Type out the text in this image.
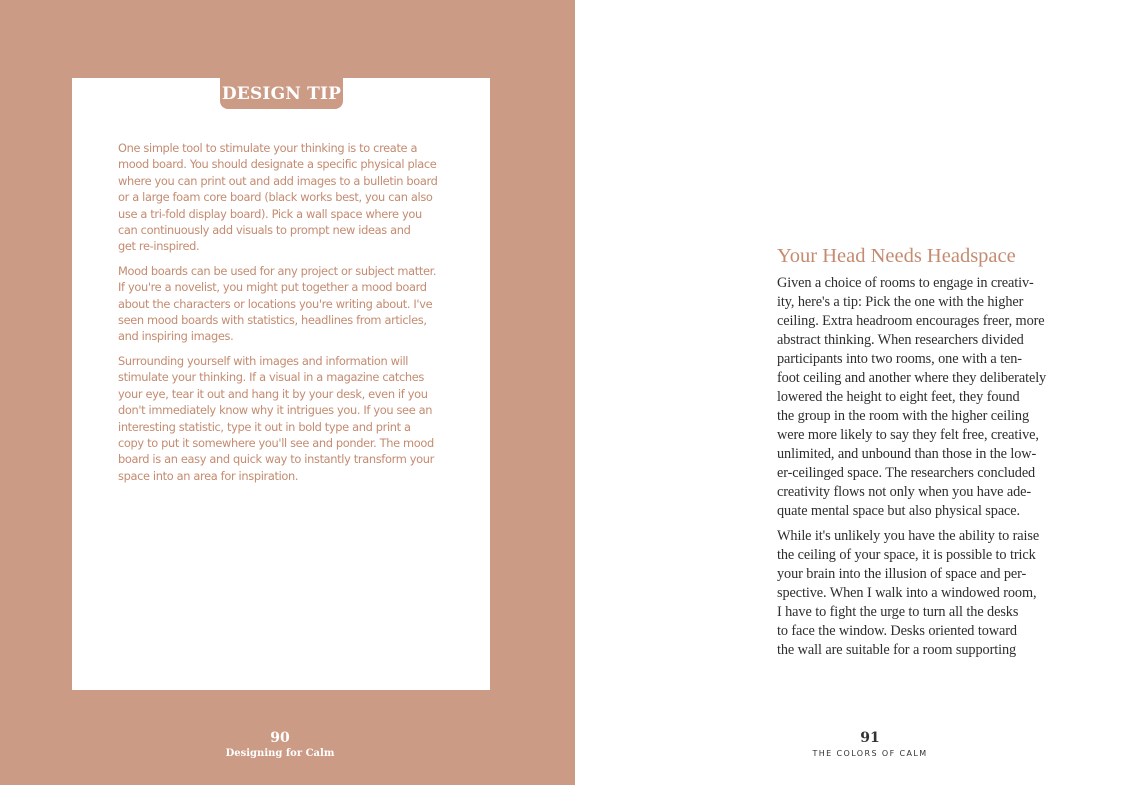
DESIGN TIP

One simple tool to stimulate your thinking is to create a
mood board. You should designate a specific physical place
where you can print out and add images to a bulletin board
or a large foam core board (black works best, you can also
use a tri-fold display board). Pick a wall space where you
can continuously add visuals to prompt new ideas and
get re-inspired.

Mood boards can be used for any project or subject matter.
If you're a novelist, you might put together a mood board
about the characters or locations you're writing about. I've
seen mood boards with statistics, headlines from articles,
and inspiring images.

Surrounding yourself with images and information will
stimulate your thinking. If a visual in a magazine catches
your eye, tear it out and hang it by your desk, even if you
don't immediately know why it intrigues you. If you see an
interesting statistic, type it out in bold type and print a
copy to put it somewhere you'll see and ponder. The mood
board is an easy and quick way to instantly transform your
space into an area for inspiration.

90
Designing for Calm
Your Head Needs Headspace

Given a choice of rooms to engage in creativ-
ity, here's a tip: Pick the one with the higher
ceiling. Extra headroom encourages freer, more
abstract thinking. When researchers divided
participants into two rooms, one with a ten-
foot ceiling and another where they deliberately
lowered the height to eight feet, they found
the group in the room with the higher ceiling
were more likely to say they felt free, creative,
unlimited, and unbound than those in the low-
er-ceilinged space. The researchers concluded
creativity flows not only when you have ade-
quate mental space but also physical space.

While it's unlikely you have the ability to raise
the ceiling of your space, it is possible to trick
your brain into the illusion of space and per-
spective. When I walk into a windowed room,
I have to fight the urge to turn all the desks
to face the window. Desks oriented toward
the wall are suitable for a room supporting

91
THE COLORS OF CALM
